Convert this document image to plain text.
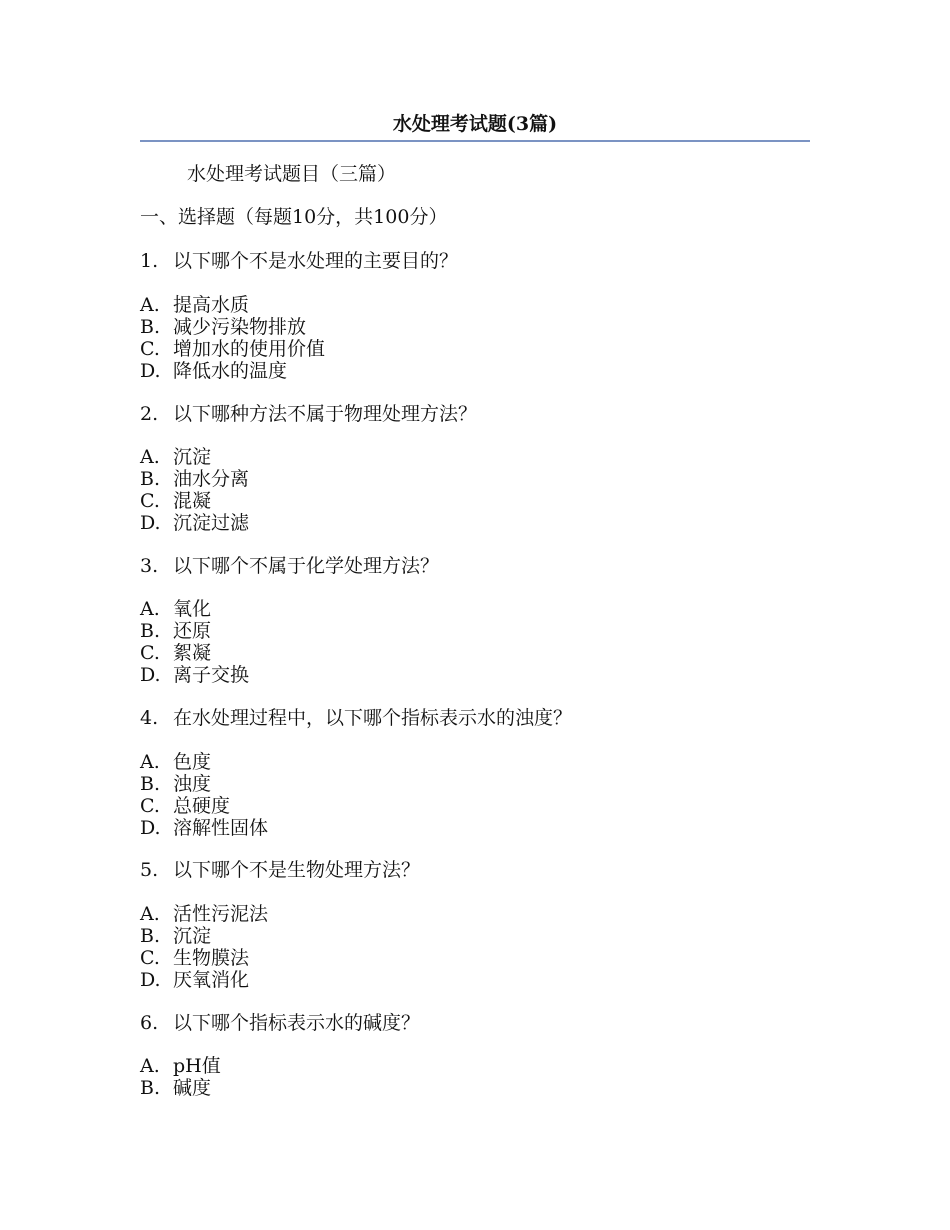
水处理考试题(3篇)
水处理考试题目（三篇）
一、选择题（每题10分，共100分）
1. 以下哪个不是水处理的主要目的？
A. 提高水质
B. 减少污染物排放
C. 增加水的使用价值
D. 降低水的温度
2. 以下哪种方法不属于物理处理方法？
A. 沉淀
B. 油水分离
C. 混凝
D. 沉淀过滤
3. 以下哪个不属于化学处理方法？
A. 氧化
B. 还原
C. 絮凝
D. 离子交换
4. 在水处理过程中，以下哪个指标表示水的浊度？
A. 色度
B. 浊度
C. 总硬度
D. 溶解性固体
5. 以下哪个不是生物处理方法？
A. 活性污泥法
B. 沉淀
C. 生物膜法
D. 厌氧消化
6. 以下哪个指标表示水的碱度？
A. pH值
B. 碱度
